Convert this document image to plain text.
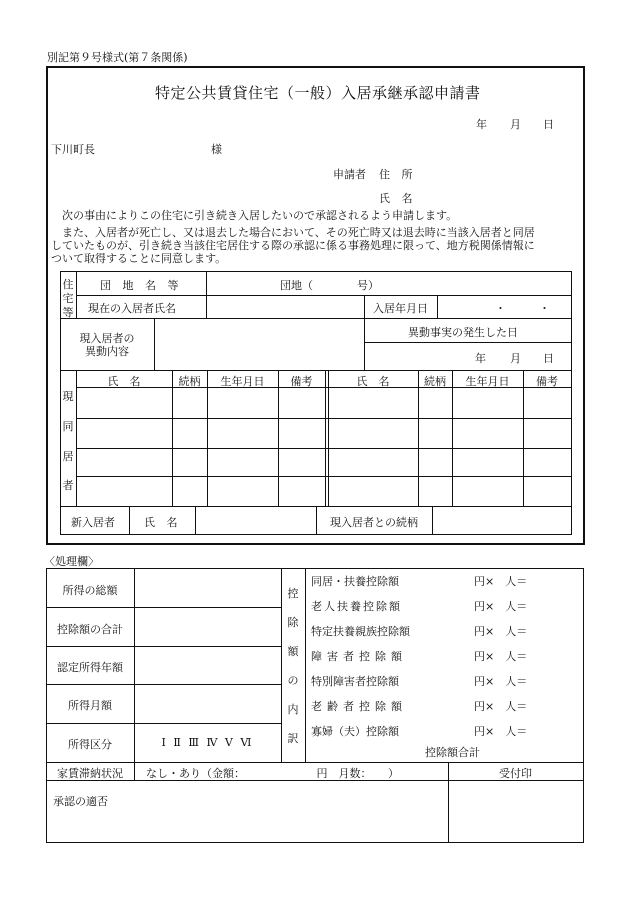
別記第９号様式(第７条関係)
特定公共賃貸住宅（一般）入居承継承認申請書
年 月 日
下川町長	様
申請者 住 所
氏 名
次の事由によりこの住宅に引き続き入居したいので承認されるよう申請します。
また、入居者が死亡し、又は退去した場合において、その死亡時又は退去時に当該入居者と同居
していたものが、引き続き当該住宅居住する際の承認に係る事務処理に限って、地方税関係情報に
ついて取得することに同意します。
住
宅
等
団 地 名 等	団地（　　　　号）
現在の入居者氏名	入居年月日	・　　　・
現入居者の
異動内容
異動事実の発生した日
年 月 日
現
同
居
者
氏　名	続柄	生年月日	備考	氏　名	続柄	生年月日	備考
新入居者	氏 名	現入居者との続柄
〈処理欄〉
所得の総額
控除額の合計
認定所得年額
所得月額
所得区分	Ⅰ Ⅱ Ⅲ Ⅳ Ⅴ Ⅵ
控
除
額
の
内
訳
同居・扶養控除額	円×　人＝
老人扶養控除額	円×　人＝
特定扶養親族控除額	円×　人＝
障害者控除額	円×　人＝
特別障害者控除額	円×　人＝
老齢者控除額	円×　人＝
寡婦（夫）控除額	円×　人＝
控除額合計
家賃滞納状況	なし・あり（金額：　　　　　　　円　月数：　　）	受付印
承認の適否
